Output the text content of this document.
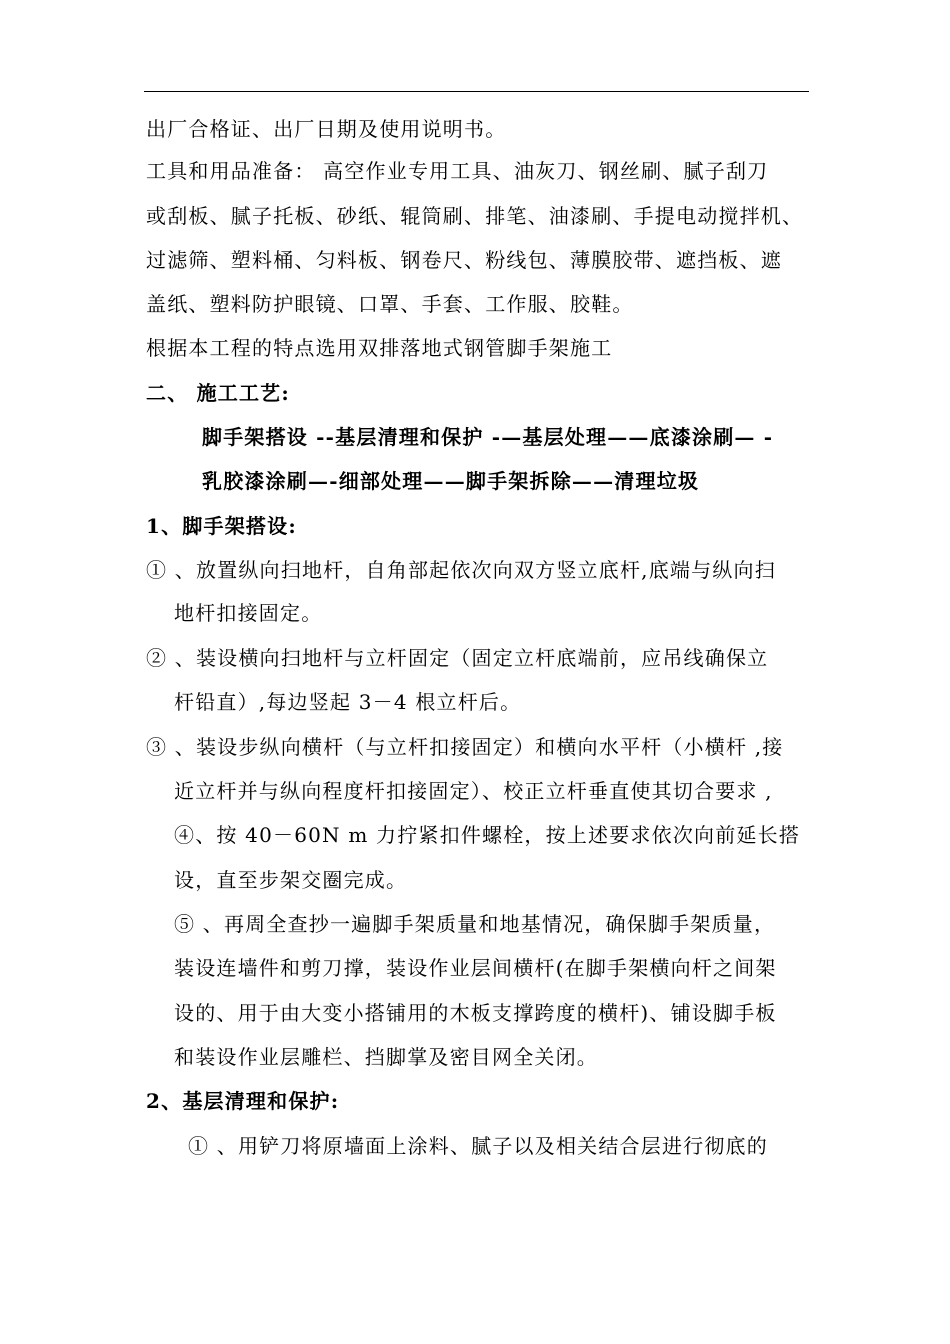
出厂合格证、出厂日期及使用说明书。
工具和用品准备： 高空作业专用工具、油灰刀、钢丝刷、腻子刮刀
或刮板、腻子托板、砂纸、辊筒刷、排笔、油漆刷、手提电动搅拌机、
过滤筛、塑料桶、匀料板、钢卷尺、粉线包、薄膜胶带、遮挡板、遮
盖纸、塑料防护眼镜、口罩、手套、工作服、胶鞋。
根据本工程的特点选用双排落地式钢管脚手架施工
二、 施工工艺:
脚手架搭设 --基层清理和保护 -—基层处理——底漆涂刷— -
乳胶漆涂刷—-细部处理——脚手架拆除——清理垃圾
1、脚手架搭设:
① 、放置纵向扫地杆，自角部起依次向双方竖立底杆,底端与纵向扫
地杆扣接固定。
② 、装设横向扫地杆与立杆固定（固定立杆底端前，应吊线确保立
杆铅直）,每边竖起 3－4 根立杆后。
③ 、装设步纵向横杆（与立杆扣接固定）和横向水平杆（小横杆 ,接
近立杆并与纵向程度杆扣接固定）、校正立杆垂直使其切合要求 ,
④、按 40－60N m 力拧紧扣件螺栓，按上述要求依次向前延长搭
设，直至步架交圈完成。
⑤ 、再周全查抄一遍脚手架质量和地基情况，确保脚手架质量，
装设连墙件和剪刀撑，装设作业层间横杆(在脚手架横向杆之间架
设的、用于由大变小搭铺用的木板支撑跨度的横杆)、铺设脚手板
和装设作业层雕栏、挡脚掌及密目网全关闭。
2、基层清理和保护:
① 、用铲刀将原墙面上涂料、腻子以及相关结合层进行彻底的
